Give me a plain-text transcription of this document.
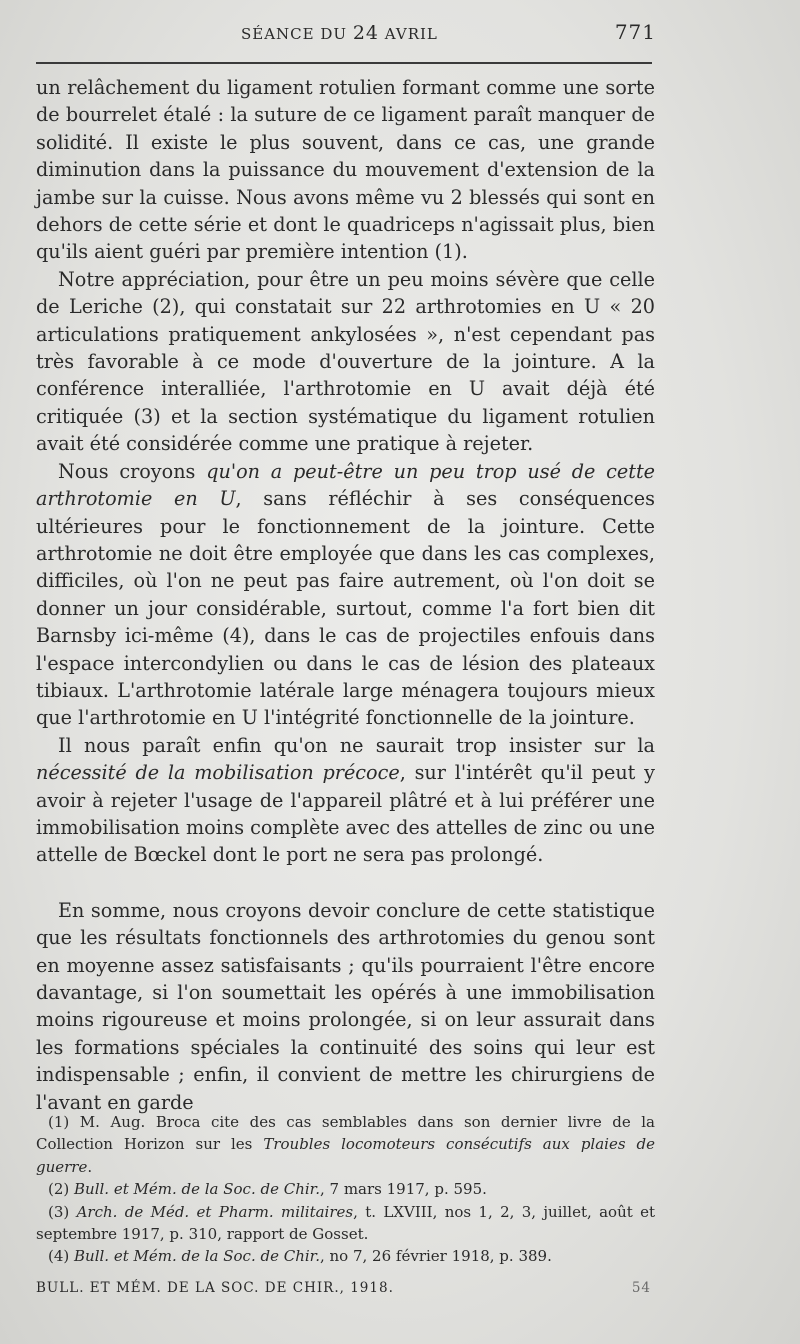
SÉANCE DU 24 AVRIL	771

un relâchement du ligament rotulien formant comme une sorte de bourrelet étalé : la suture de ce ligament paraît manquer de solidité. Il existe le plus souvent, dans ce cas, une grande diminution dans la puissance du mouvement d'extension de la jambe sur la cuisse. Nous avons même vu 2 blessés qui sont en dehors de cette série et dont le quadriceps n'agissait plus, bien qu'ils aient guéri par première intention (1).

Notre appréciation, pour être un peu moins sévère que celle de Leriche (2), qui constatait sur 22 arthrotomies en U « 20 articulations pratiquement ankylosées », n'est cependant pas très favorable à ce mode d'ouverture de la jointure. A la conférence interalliée, l'arthrotomie en U avait déjà été critiquée (3) et la section systématique du ligament rotulien avait été considérée comme une pratique à rejeter.

Nous croyons qu'on a peut-être un peu trop usé de cette arthrotomie en U, sans réfléchir à ses conséquences ultérieures pour le fonctionnement de la jointure. Cette arthrotomie ne doit être employée que dans les cas complexes, difficiles, où l'on ne peut pas faire autrement, où l'on doit se donner un jour considérable, surtout, comme l'a fort bien dit Barnsby ici-même (4), dans le cas de projectiles enfouis dans l'espace intercondylien ou dans le cas de lésion des plateaux tibiaux. L'arthrotomie latérale large ménagera toujours mieux que l'arthrotomie en U l'intégrité fonctionnelle de la jointure.

Il nous paraît enfin qu'on ne saurait trop insister sur la nécessité de la mobilisation précoce, sur l'intérêt qu'il peut y avoir à rejeter l'usage de l'appareil plâtré et à lui préférer une immobilisation moins complète avec des attelles de zinc ou une attelle de Bœckel dont le port ne sera pas prolongé.

En somme, nous croyons devoir conclure de cette statistique que les résultats fonctionnels des arthrotomies du genou sont en moyenne assez satisfaisants ; qu'ils pourraient l'être encore davantage, si l'on soumettait les opérés à une immobilisation moins rigoureuse et moins prolongée, si on leur assurait dans les formations spéciales la continuité des soins qui leur est indispensable ; enfin, il convient de mettre les chirurgiens de l'avant en garde

(1) M. Aug. Broca cite des cas semblables dans son dernier livre de la Collection Horizon sur les Troubles locomoteurs consécutifs aux plaies de guerre.

(2) Bull. et Mém. de la Soc. de Chir., 7 mars 1917, p. 595.

(3) Arch. de Méd. et Pharm. militaires, t. LXVIII, nos 1, 2, 3, juillet, août et septembre 1917, p. 310, rapport de Gosset.

(4) Bull. et Mém. de la Soc. de Chir., no 7, 26 février 1918, p. 389.

BULL. ET MÉM. DE LA SOC. DE CHIR., 1918.	54
